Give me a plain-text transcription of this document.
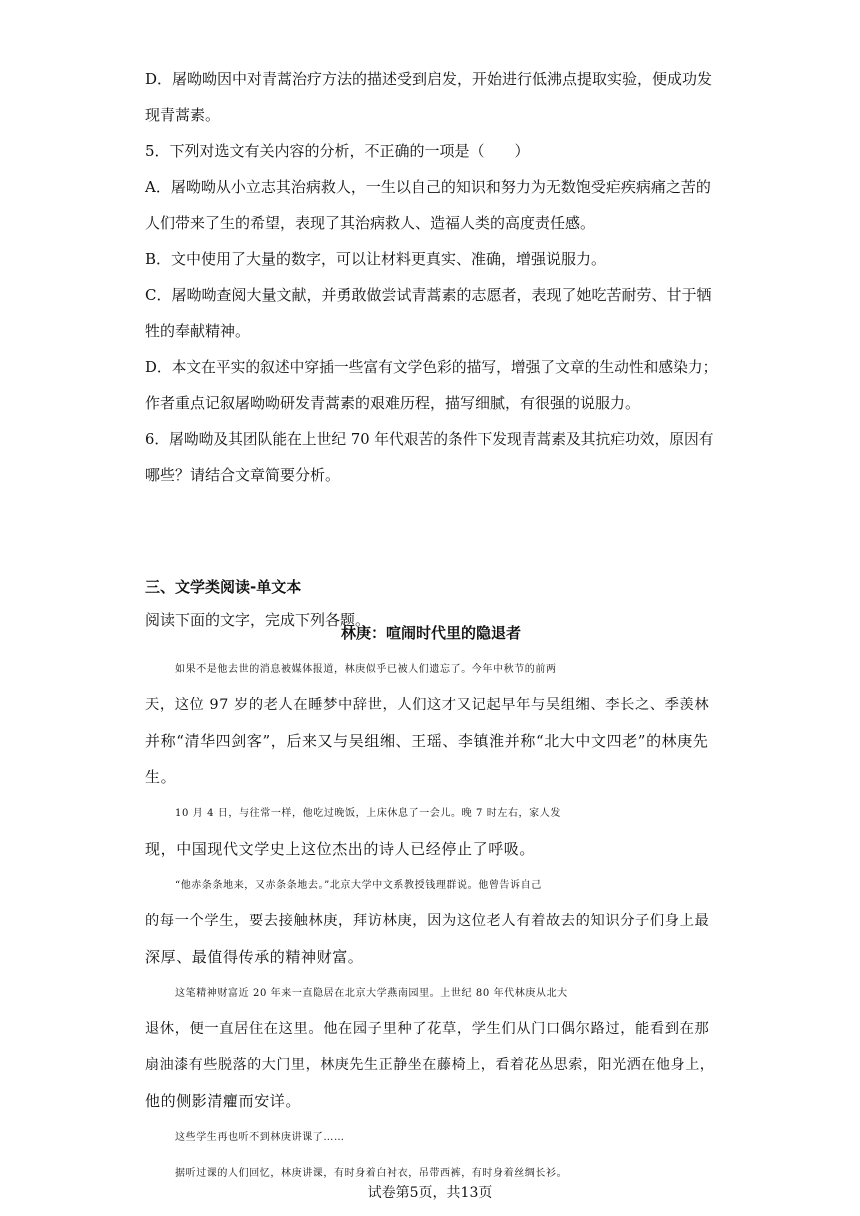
D．屠呦呦因中对青蒿治疗方法的描述受到启发，开始进行低沸点提取实验，便成功发

现青蒿素。

5．下列对选文有关内容的分析，不正确的一项是（　　）

A．屠呦呦从小立志其治病救人，一生以自己的知识和努力为无数饱受疟疾病痛之苦的

人们带来了生的希望，表现了其治病救人、造福人类的高度责任感。

B．文中使用了大量的数字，可以让材料更真实、准确，增强说服力。

C．屠呦呦查阅大量文献，并勇敢做尝试青蒿素的志愿者，表现了她吃苦耐劳、甘于牺

牲的奉献精神。

D．本文在平实的叙述中穿插一些富有文学色彩的描写，增强了文章的生动性和感染力；

作者重点记叙屠呦呦研发青蒿素的艰难历程，描写细腻，有很强的说服力。

6．屠呦呦及其团队能在上世纪 70 年代艰苦的条件下发现青蒿素及其抗疟功效，原因有

哪些？请结合文章简要分析。

三、文学类阅读-单文本

阅读下面的文字，完成下列各题。

林庚：喧闹时代里的隐退者

如果不是他去世的消息被媒体报道，林庚似乎已被人们遗忘了。今年中秋节的前两

天，这位 97 岁的老人在睡梦中辞世，人们这才又记起早年与吴组缃、李长之、季羡林

并称“清华四剑客”，后来又与吴组缃、王瑶、李镇淮并称“北大中文四老”的林庚先

生。

10 月 4 日，与往常一样，他吃过晚饭，上床休息了一会儿。晚 7 时左右，家人发

现，中国现代文学史上这位杰出的诗人已经停止了呼吸。

“他赤条条地来，又赤条条地去。”北京大学中文系教授钱理群说。他曾告诉自己

的每一个学生，要去接触林庚，拜访林庚，因为这位老人有着故去的知识分子们身上最

深厚、最值得传承的精神财富。

这笔精神财富近 20 年来一直隐居在北京大学燕南园里。上世纪 80 年代林庚从北大

退休，便一直居住在这里。他在园子里种了花草，学生们从门口偶尔路过，能看到在那

扇油漆有些脱落的大门里，林庚先生正静坐在藤椅上，看着花丛思索，阳光洒在他身上，

他的侧影清癯而安详。

这些学生再也听不到林庚讲课了……

据听过课的人们回忆，林庚讲课，有时身着白衬衣，吊带西裤，有时身着丝绸长衫。

试卷第5页，共13页
